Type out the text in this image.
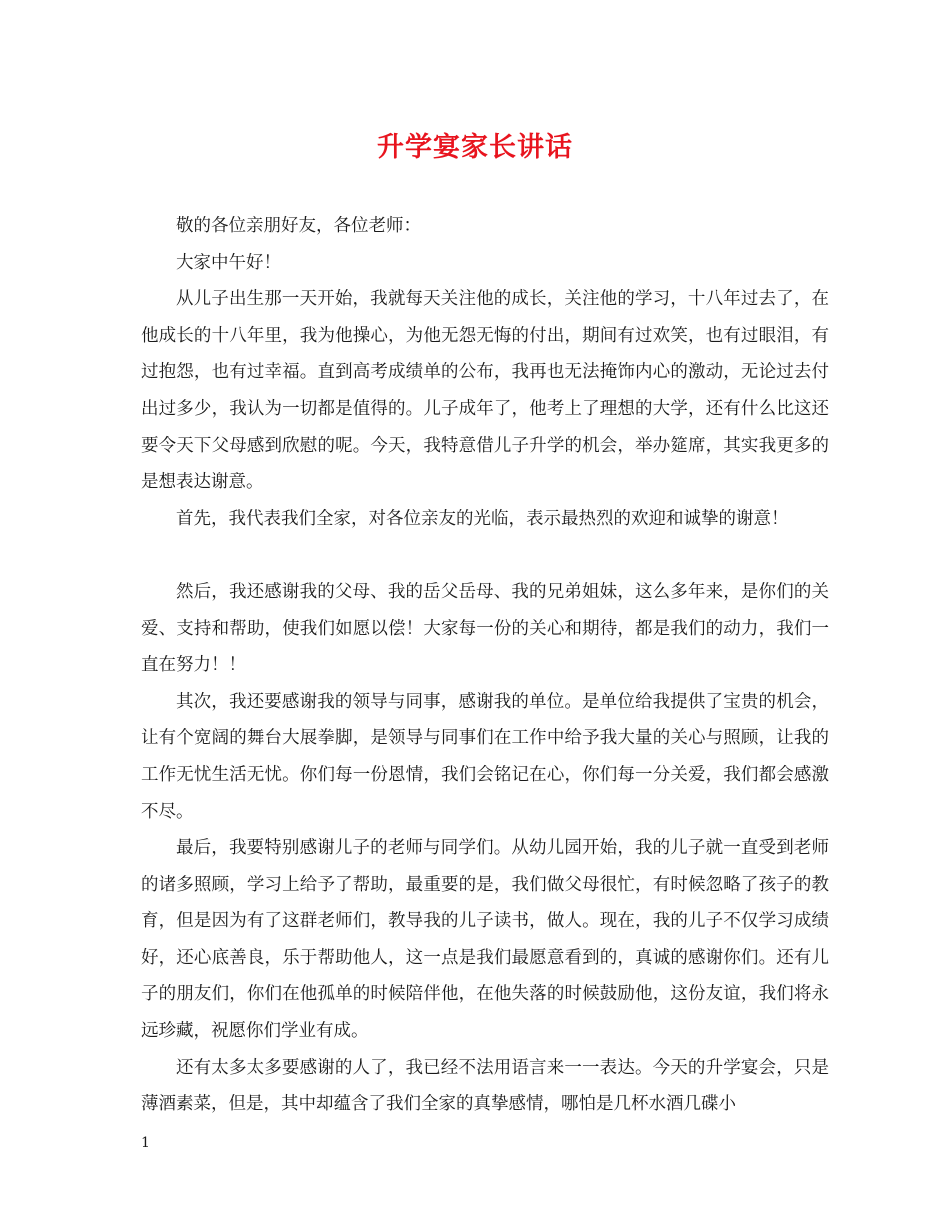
升学宴家长讲话

敬的各位亲朋好友，各位老师：

大家中午好！

从儿子出生那一天开始，我就每天关注他的成长，关注他的学习，十八年过去了，在他成长的十八年里，我为他操心，为他无怨无悔的付出，期间有过欢笑，也有过眼泪，有过抱怨，也有过幸福。直到高考成绩单的公布，我再也无法掩饰内心的激动，无论过去付出过多少，我认为一切都是值得的。儿子成年了，他考上了理想的大学，还有什么比这还要令天下父母感到欣慰的呢。今天，我特意借儿子升学的机会，举办筵席，其实我更多的是想表达谢意。

首先，我代表我们全家，对各位亲友的光临，表示最热烈的欢迎和诚挚的谢意！

然后，我还感谢我的父母、我的岳父岳母、我的兄弟姐妹，这么多年来，是你们的关爱、支持和帮助，使我们如愿以偿！大家每一份的关心和期待，都是我们的动力，我们一直在努力！！

其次，我还要感谢我的领导与同事，感谢我的单位。是单位给我提供了宝贵的机会，让有个宽阔的舞台大展拳脚，是领导与同事们在工作中给予我大量的关心与照顾，让我的工作无忧生活无忧。你们每一份恩情，我们会铭记在心，你们每一分关爱，我们都会感激不尽。

最后，我要特别感谢儿子的老师与同学们。从幼儿园开始，我的儿子就一直受到老师的诸多照顾，学习上给予了帮助，最重要的是，我们做父母很忙，有时候忽略了孩子的教育，但是因为有了这群老师们，教导我的儿子读书，做人。现在，我的儿子不仅学习成绩好，还心底善良，乐于帮助他人，这一点是我们最愿意看到的，真诚的感谢你们。还有儿子的朋友们，你们在他孤单的时候陪伴他，在他失落的时候鼓励他，这份友谊，我们将永远珍藏，祝愿你们学业有成。

还有太多太多要感谢的人了，我已经不法用语言来一一表达。今天的升学宴会，只是薄酒素菜，但是，其中却蕴含了我们全家的真挚感情，哪怕是几杯水酒几碟小

1
